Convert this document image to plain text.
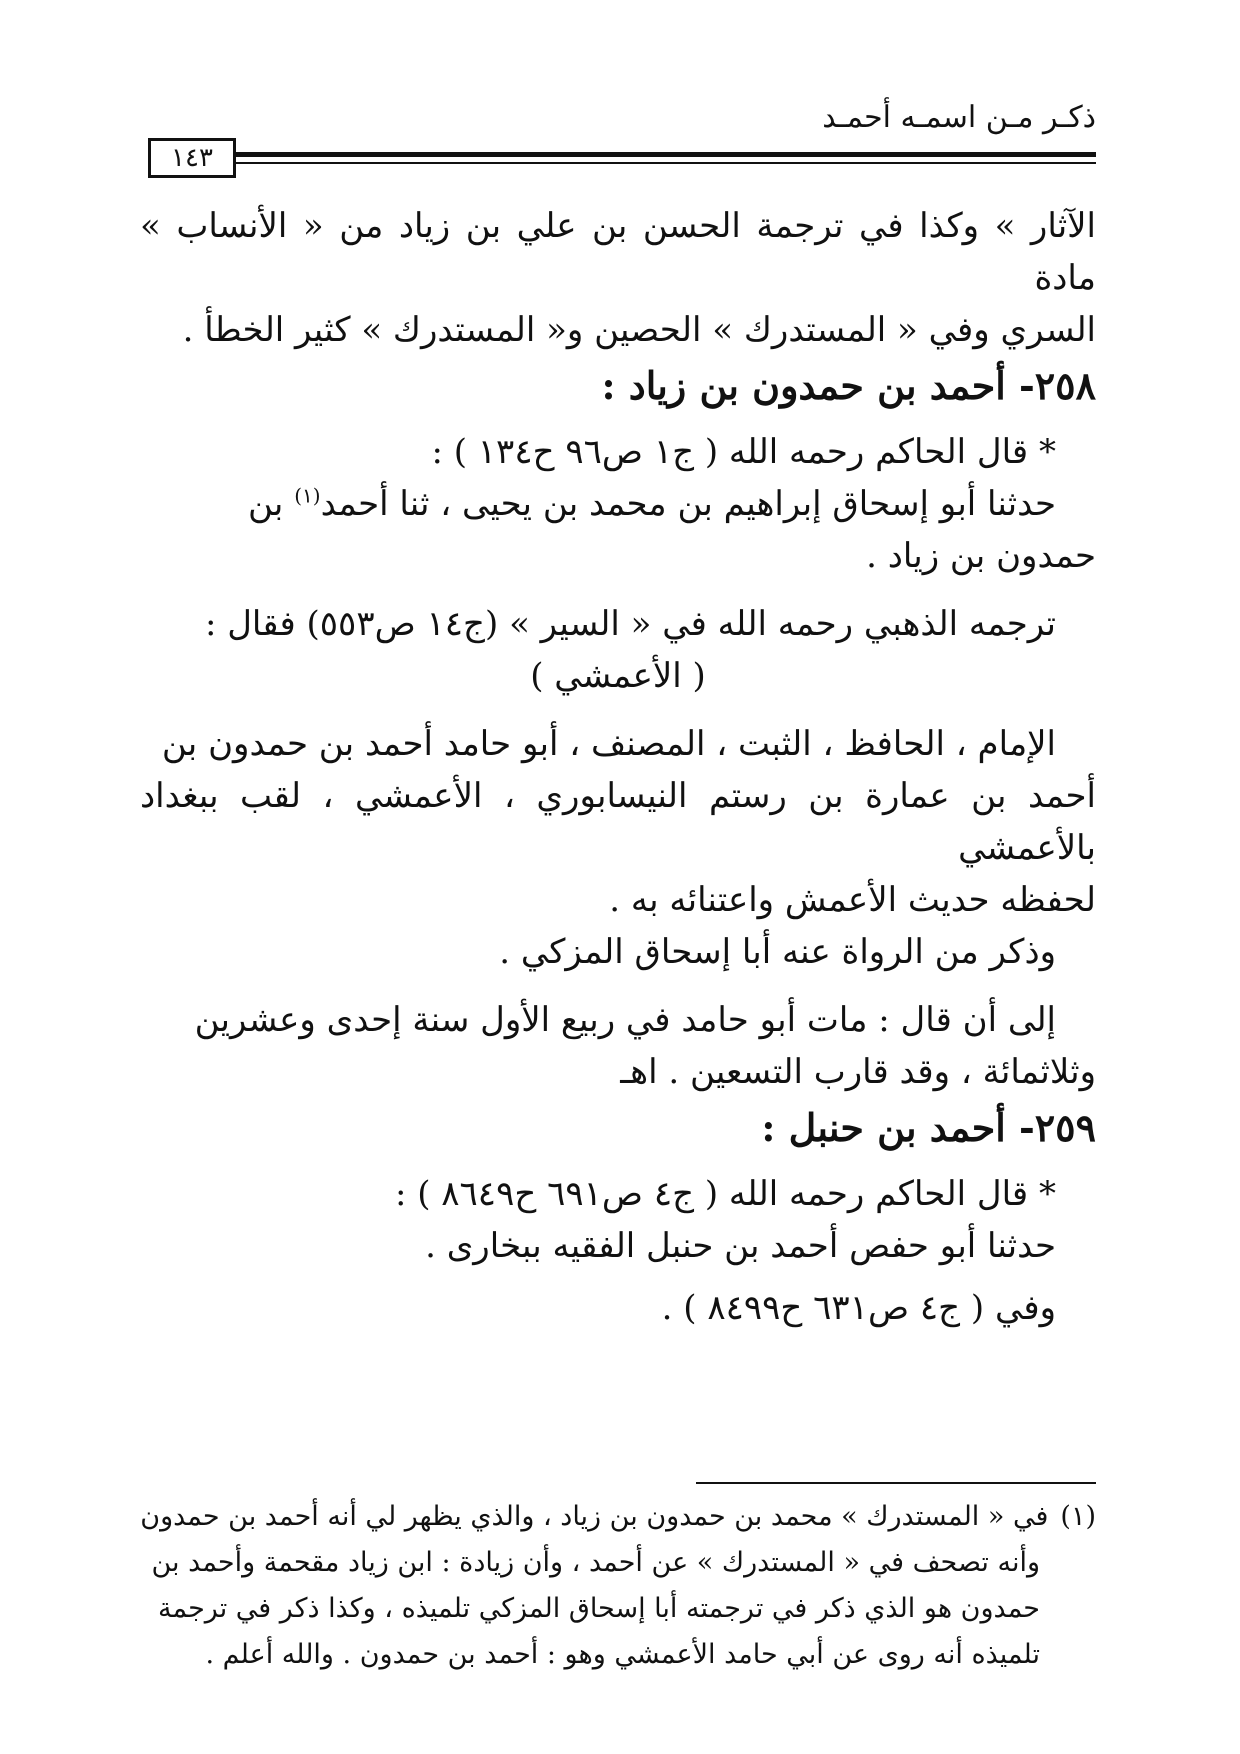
ذكـر مـن اسمـه أحمـد
١٤٣

الآثار » وكذا في ترجمة الحسن بن علي بن زياد من « الأنساب » مادة

السري وفي « المستدرك » الحصين و« المستدرك » كثير الخطأ .

٢٥٨- أحمد بن حمدون بن زياد :

* قال الحاكم رحمه الله ( ج١ ص٩٦ ح١٣٤ ) :

حدثنا أبو إسحاق إبراهيم بن محمد بن يحيى ، ثنا أحمد$^{(١)}$ بن

حمدون بن زياد .

ترجمه الذهبي رحمه الله في « السير » (ج١٤ ص٥٥٣) فقال :

( الأعمشي )

الإمام ، الحافظ ، الثبت ، المصنف ، أبو حامد أحمد بن حمدون بن

أحمد بن عمارة بن رستم النيسابوري ، الأعمشي ، لقب ببغداد بالأعمشي

لحفظه حديث الأعمش واعتنائه به .

وذكر من الرواة عنه أبا إسحاق المزكي .

إلى أن قال : مات أبو حامد في ربيع الأول سنة إحدى وعشرين

وثلاثمائة ، وقد قارب التسعين . اهـ

٢٥٩- أحمد بن حنبل :

* قال الحاكم رحمه الله ( ج٤ ص٦٩١ ح٨٦٤٩ ) :

حدثنا أبو حفص أحمد بن حنبل الفقيه ببخارى .

وفي ( ج٤ ص٦٣١ ح٨٤٩٩ ) .

(١)في « المستدرك » محمد بن حمدون بن زياد ، والذي يظهر لي أنه أحمد بن حمدون

وأنه تصحف في « المستدرك » عن أحمد ، وأن زيادة : ابن زياد مقحمة وأحمد بن

حمدون هو الذي ذكر في ترجمته أبا إسحاق المزكي تلميذه ، وكذا ذكر في ترجمة

تلميذه أنه روى عن أبي حامد الأعمشي وهو : أحمد بن حمدون . والله أعلم .
